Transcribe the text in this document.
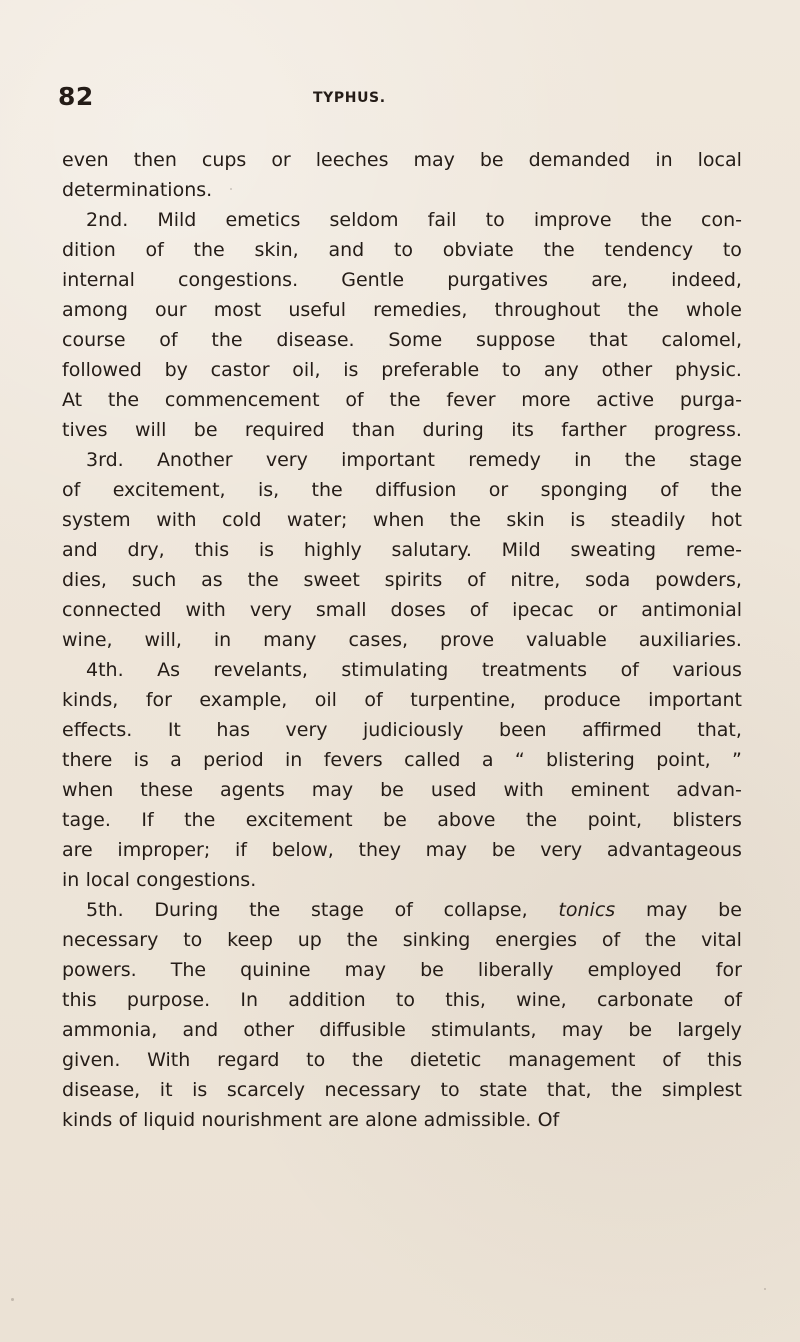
82	TYPHUS.
even then cups or leeches may be demanded in local
determinations.
2nd. Mild emetics seldom fail to improve the con-
dition of the skin, and to obviate the tendency to
internal congestions. Gentle purgatives are, indeed,
among our most useful remedies, throughout the whole
course of the disease. Some suppose that calomel,
followed by castor oil, is preferable to any other physic.
At the commencement of the fever more active purga-
tives will be required than during its farther progress.
3rd. Another very important remedy in the stage
of excitement, is, the diffusion or sponging of the
system with cold water; when the skin is steadily hot
and dry, this is highly salutary. Mild sweating reme-
dies, such as the sweet spirits of nitre, soda powders,
connected with very small doses of ipecac or antimonial
wine, will, in many cases, prove valuable auxiliaries.
4th. As revelants, stimulating treatments of various
kinds, for example, oil of turpentine, produce important
effects. It has very judiciously been affirmed that,
there is a period in fevers called a “ blistering point, ”
when these agents may be used with eminent advan-
tage. If the excitement be above the point, blisters
are improper; if below, they may be very advantageous
in local congestions.
5th. During the stage of collapse, tonics may be
necessary to keep up the sinking energies of the vital
powers. The quinine may be liberally employed for
this purpose. In addition to this, wine, carbonate of
ammonia, and other diffusible stimulants, may be largely
given. With regard to the dietetic management of this
disease, it is scarcely necessary to state that, the simplest
kinds of liquid nourishment are alone admissible. Of
